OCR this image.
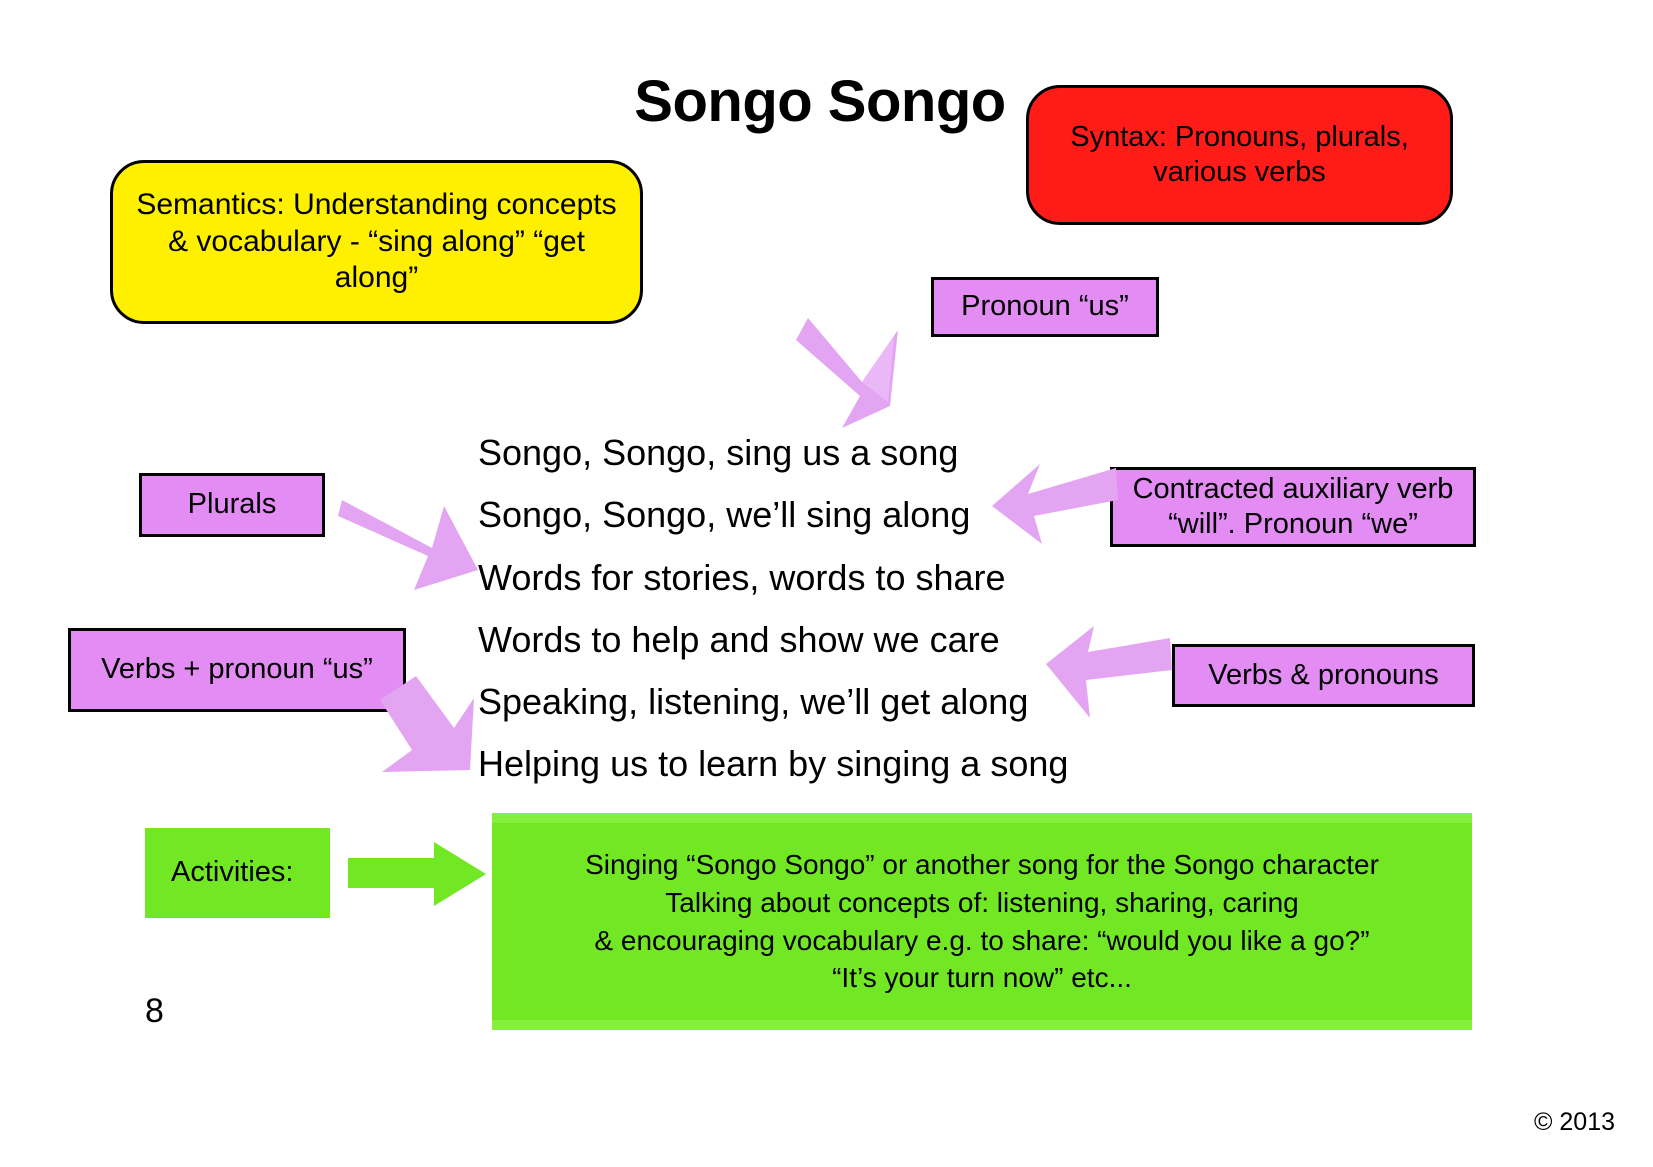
Songo Songo
Semantics: Understanding concepts & vocabulary - “sing along” “get along”
Syntax: Pronouns, plurals, various verbs
Pronoun “us”
Plurals	Contracted auxiliary verb “will”. Pronoun “we”
Verbs + pronoun “us”	Verbs & pronouns
Songo, Songo, sing us a song
Songo, Songo, we’ll sing along
Words for stories, words to share
Words to help and show we care
Speaking, listening, we’ll get along
Helping us to learn by singing a song
Activities:	Singing “Songo Songo” or another song for the Songo character
Talking about concepts of: listening, sharing, caring
& encouraging vocabulary e.g. to share: “would you like a go?”
“It’s your turn now” etc...
8
© 2013
